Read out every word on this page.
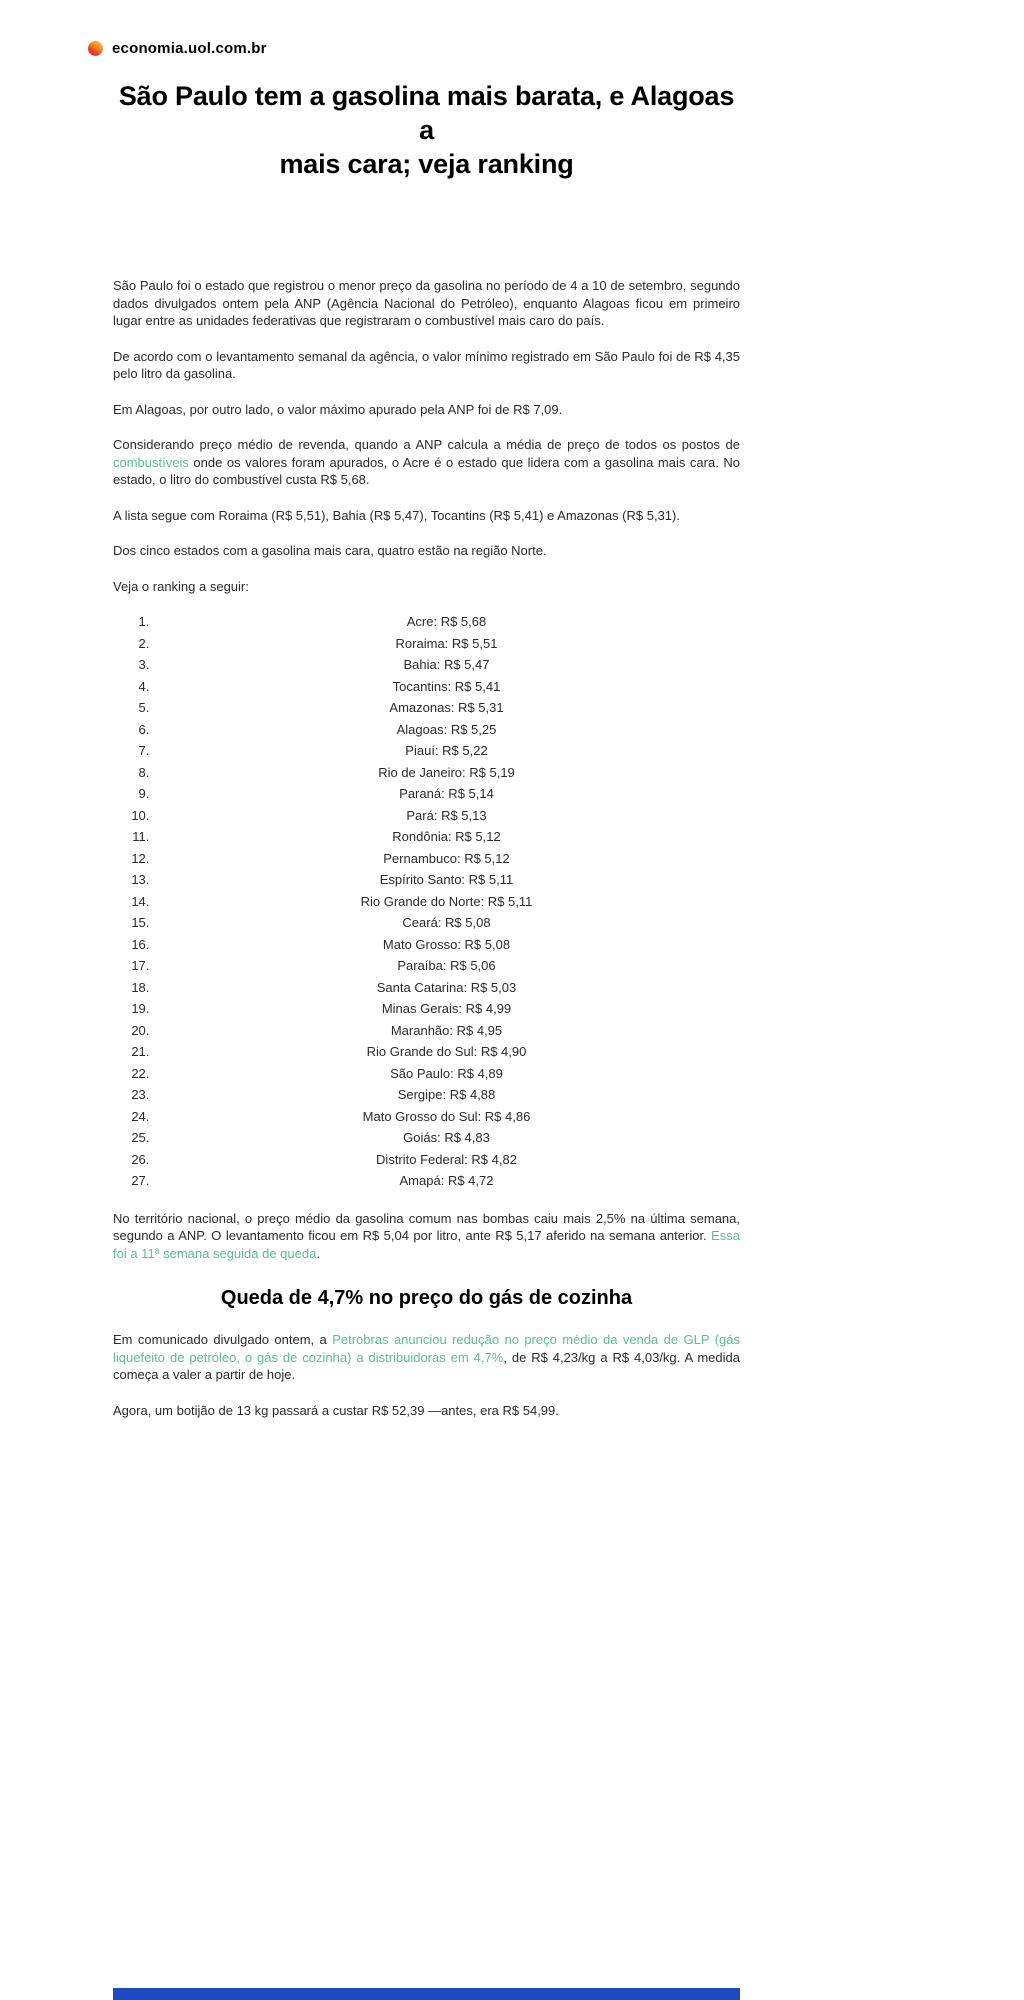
economia.uol.com.br
São Paulo tem a gasolina mais barata, e Alagoas a
mais cara; veja ranking

São Paulo foi o estado que registrou o menor preço da gasolina no período de 4 a 10 de setembro, segundo dados divulgados ontem pela ANP (Agência Nacional do Petróleo), enquanto Alagoas ficou em primeiro lugar entre as unidades federativas que registraram o combustível mais caro do país.

De acordo com o levantamento semanal da agência, o valor mínimo registrado em São Paulo foi de R$ 4,35 pelo litro da gasolina.

Em Alagoas, por outro lado, o valor máximo apurado pela ANP foi de R$ 7,09.

Considerando preço médio de revenda, quando a ANP calcula a média de preço de todos os postos de combustíveis onde os valores foram apurados, o Acre é o estado que lidera com a gasolina mais cara. No estado, o litro do combustível custa R$ 5,68.

A lista segue com Roraima (R$ 5,51), Bahia (R$ 5,47), Tocantins (R$ 5,41) e Amazonas (R$ 5,31).

Dos cinco estados com a gasolina mais cara, quatro estão na região Norte.

Veja o ranking a seguir:

1. Acre: R$ 5,68
2. Roraima: R$ 5,51
3. Bahia: R$ 5,47
4. Tocantins: R$ 5,41
5. Amazonas: R$ 5,31
6. Alagoas: R$ 5,25
7. Piauí: R$ 5,22
8. Rio de Janeiro: R$ 5,19
9. Paraná: R$ 5,14
10. Pará: R$ 5,13
11. Rondônia: R$ 5,12
12. Pernambuco: R$ 5,12
13. Espírito Santo: R$ 5,11
14. Rio Grande do Norte: R$ 5,11
15. Ceará: R$ 5,08
16. Mato Grosso: R$ 5,08
17. Paraíba: R$ 5,06
18. Santa Catarina: R$ 5,03
19. Minas Gerais: R$ 4,99
20. Maranhão: R$ 4,95
21. Rio Grande do Sul: R$ 4,90
22. São Paulo: R$ 4,89
23. Sergipe: R$ 4,88
24. Mato Grosso do Sul: R$ 4,86
25. Goiás: R$ 4,83
26. Distrito Federal: R$ 4,82
27. Amapá: R$ 4,72

No território nacional, o preço médio da gasolina comum nas bombas caiu mais 2,5% na última semana, segundo a ANP. O levantamento ficou em R$ 5,04 por litro, ante R$ 5,17 aferido na semana anterior. Essa foi a 11ª semana seguida de queda.

Queda de 4,7% no preço do gás de cozinha

Em comunicado divulgado ontem, a Petrobras anunciou redução no preço médio da venda de GLP (gás liquefeito de petróleo, o gás de cozinha) a distribuidoras em 4,7%, de R$ 4,23/kg a R$ 4,03/kg. A medida começa a valer a partir de hoje.

Agora, um botijão de 13 kg passará a custar R$ 52,39 —antes, era R$ 54,99.
